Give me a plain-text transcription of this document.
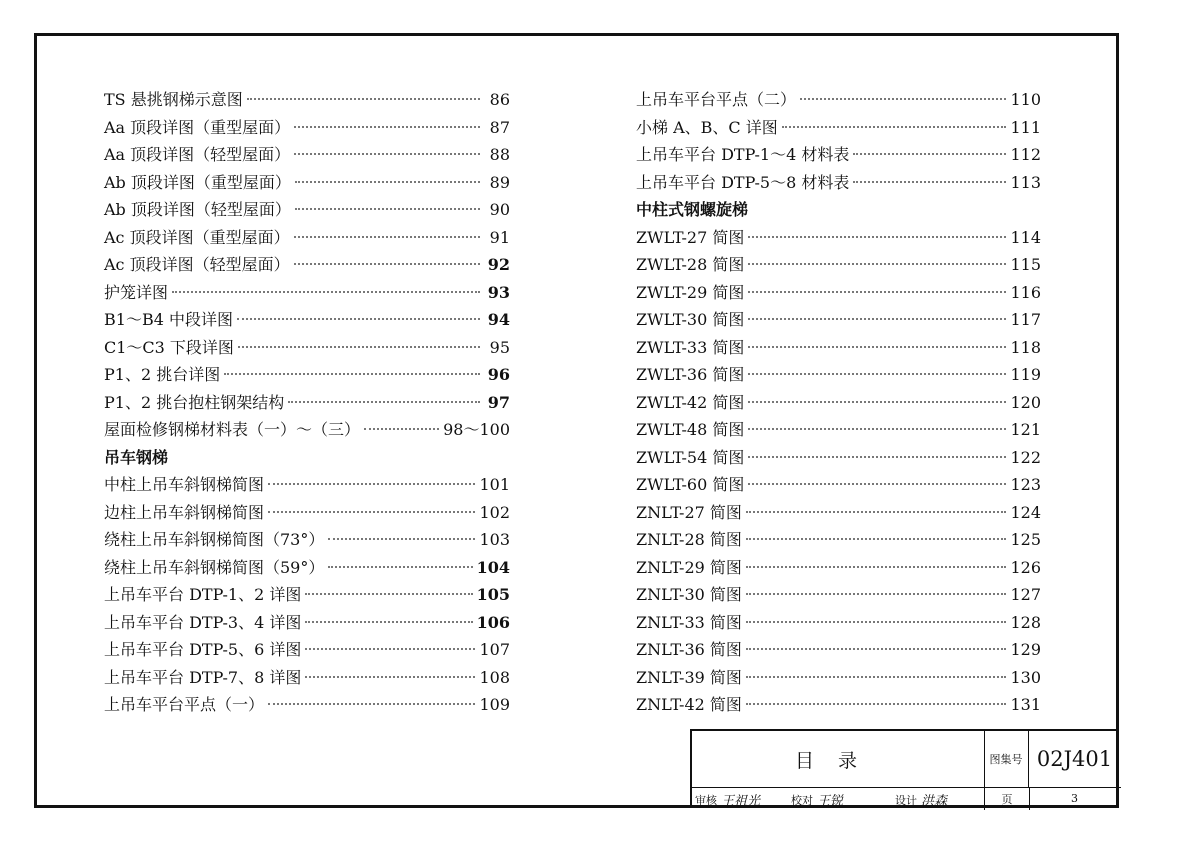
TS 悬挑钢梯示意图	86
Aa 顶段详图（重型屋面）	87
Aa 顶段详图（轻型屋面）	88
Ab 顶段详图（重型屋面）	89
Ab 顶段详图（轻型屋面）	90
Ac 顶段详图（重型屋面）	91
Ac 顶段详图（轻型屋面）	92
护笼详图	93
B1～B4 中段详图	94
C1～C3 下段详图	95
P1、2 挑台详图	96
P1、2 挑台抱柱钢架结构	97
屋面检修钢梯材料表（一）～（三）	98～100
吊车钢梯
中柱上吊车斜钢梯简图	101
边柱上吊车斜钢梯简图	102
绕柱上吊车斜钢梯简图（73°）	103
绕柱上吊车斜钢梯简图（59°）	104
上吊车平台 DTP-1、2 详图	105
上吊车平台 DTP-3、4 详图	106
上吊车平台 DTP-5、6 详图	107
上吊车平台 DTP-7、8 详图	108
上吊车平台平点（一）	109
上吊车平台平点（二）	110
小梯 A、B、C 详图	111
上吊车平台 DTP-1～4 材料表	112
上吊车平台 DTP-5～8 材料表	113
中柱式钢螺旋梯
ZWLT-27 简图	114
ZWLT-28 简图	115
ZWLT-29 简图	116
ZWLT-30 简图	117
ZWLT-33 简图	118
ZWLT-36 简图	119
ZWLT-42 简图	120
ZWLT-48 简图	121
ZWLT-54 简图	122
ZWLT-60 简图	123
ZNLT-27 简图	124
ZNLT-28 简图	125
ZNLT-29 简图	126
ZNLT-30 简图	127
ZNLT-33 简图	128
ZNLT-36 简图	129
ZNLT-39 简图	130
ZNLT-42 简图	131
目录	图集号 02J401
审核 王祖光	校对 王锐	设计 洪森	页	3
